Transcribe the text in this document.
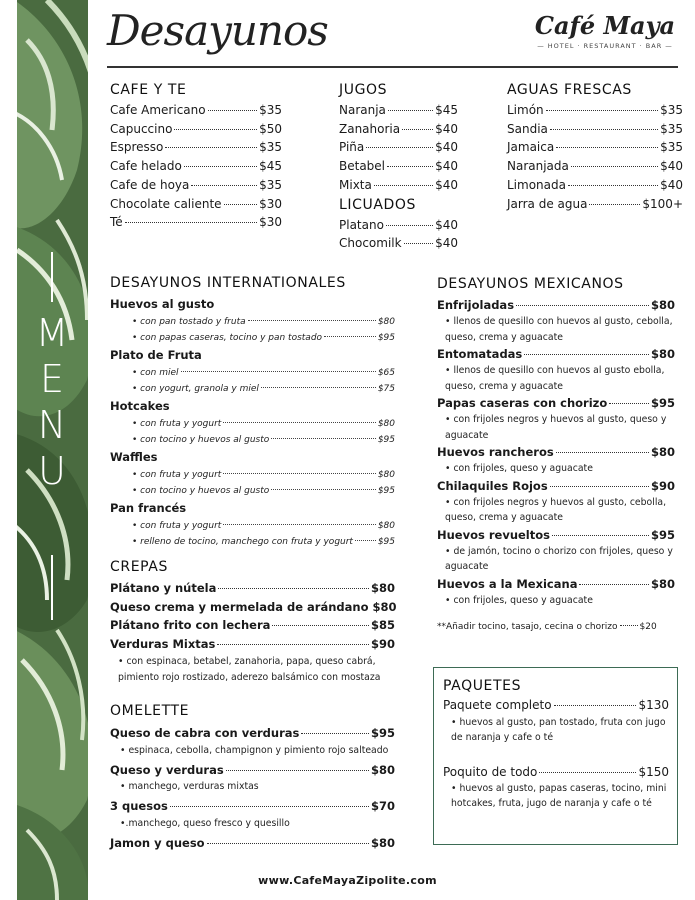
M
E
N
U
Desayunos	Café Maya
— HOTEL · RESTAURANT · BAR —
CAFE Y TE
Cafe Americano	$35
Capuccino	$50
Espresso	$35
Cafe helado	$45
Cafe de hoya	$35
Chocolate caliente	$30
Té	$30
JUGOS
Naranja	$45
Zanahoria	$40
Piña	$40
Betabel	$40
Mixta	$40
LICUADOS
Platano	$40
Chocomilk	$40
AGUAS FRESCAS
Limón	$35
Sandia	$35
Jamaica	$35
Naranjada	$40
Limonada	$40
Jarra de agua	$100+
DESAYUNOS INTERNATIONALES
Huevos al gusto
• con pan tostado y fruta	$80
• con papas caseras, tocino y pan tostado	$95
Plato de Fruta
• con miel	$65
• con yogurt, granola y miel	$75
Hotcakes
• con fruta y yogurt	$80
• con tocino y huevos al gusto	$95
Waffles
• con fruta y yogurt	$80
• con tocino y huevos al gusto	$95
Pan francés
• con fruta y yogurt	$80
• relleno de tocino, manchego con fruta y yogurt	$95
CREPAS
Plátano y nútela	$80
Queso crema y mermelada de arándano $80
Plátano frito con lechera	$85
Verduras Mixtas	$90
• con espinaca, betabel, zanahoria, papa, queso cabrá, pimiento rojo rostizado, aderezo balsámico con mostaza
OMELETTE
Queso de cabra con verduras	$95
• espinaca, cebolla, champignon y pimiento rojo salteado
Queso y verduras	$80
• manchego, verduras mixtas
3 quesos	$70
•.manchego, queso fresco y quesillo
Jamon y queso	$80
DESAYUNOS MEXICANOS
Enfrijoladas	$80
• llenos de quesillo con huevos al gusto, cebolla, queso, crema y aguacate
Entomatadas	$80
• llenos de quesillo con huevos al gusto ebolla, queso, crema y aguacate
Papas caseras con chorizo	$95
• con frijoles negros y huevos al gusto, queso y aguacate
Huevos rancheros	$80
• con frijoles, queso y aguacate
Chilaquiles Rojos	$90
• con frijoles negros y huevos al gusto, cebolla, queso, crema y aguacate
Huevos revueltos	$95
• de jamón, tocino o chorizo con frijoles, queso y aguacate
Huevos a la Mexicana	$80
• con frijoles, queso y aguacate
**Añadir tocino, tasajo, cecina o chorizo $20
PAQUETES
Paquete completo	$130
• huevos al gusto, pan tostado, fruta con jugo de naranja y cafe o té
Poquito de todo	$150
• huevos al gusto, papas caseras, tocino, mini hotcakes, fruta, jugo de naranja y cafe o té
www.CafeMayaZipolite.com
